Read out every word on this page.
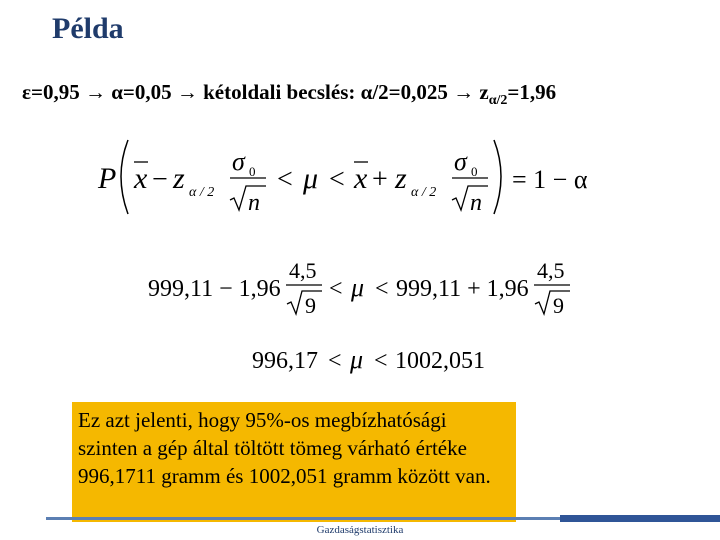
Példa
ε=0,95 → α=0,05 → kétoldali becslés: $\alpha/2=0,025 \to z_{\alpha/2}=1,96$
P x − z α / 2
σ 0
n
< μ < x + z α / 2
σ 0
n
= 1 − α
999,11 − 1,96
4,5
9
< μ < 999,11 + 1,96
4,5
9
996,17 < μ < 1002,051
Ez azt jelenti, hogy 95%-os megbízhatósági szinten a gép által töltött tömeg várható értéke 996,1711 gramm és 1002,051 gramm között van.
Gazdaságstatisztika
